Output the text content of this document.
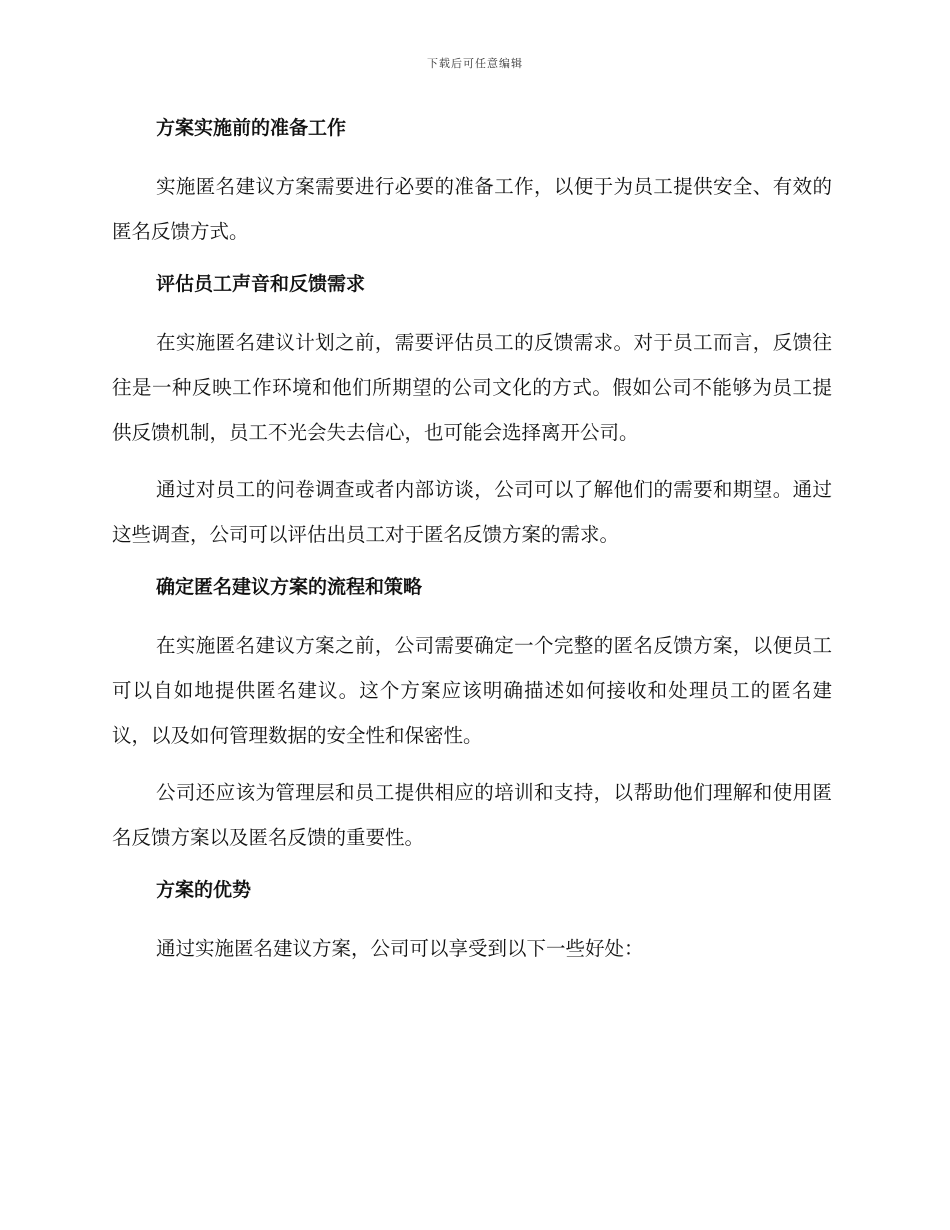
下载后可任意编辑
方案实施前的准备工作

实施匿名建议方案需要进行必要的准备工作，以便于为员工提供安全、有效的匿名反馈方式。

评估员工声音和反馈需求

在实施匿名建议计划之前，需要评估员工的反馈需求。对于员工而言，反馈往往是一种反映工作环境和他们所期望的公司文化的方式。假如公司不能够为员工提供反馈机制，员工不光会失去信心，也可能会选择离开公司。

通过对员工的问卷调查或者内部访谈，公司可以了解他们的需要和期望。通过这些调查，公司可以评估出员工对于匿名反馈方案的需求。

确定匿名建议方案的流程和策略

在实施匿名建议方案之前，公司需要确定一个完整的匿名反馈方案，以便员工可以自如地提供匿名建议。这个方案应该明确描述如何接收和处理员工的匿名建议，以及如何管理数据的安全性和保密性。

公司还应该为管理层和员工提供相应的培训和支持，以帮助他们理解和使用匿名反馈方案以及匿名反馈的重要性。

方案的优势

通过实施匿名建议方案，公司可以享受到以下一些好处：
